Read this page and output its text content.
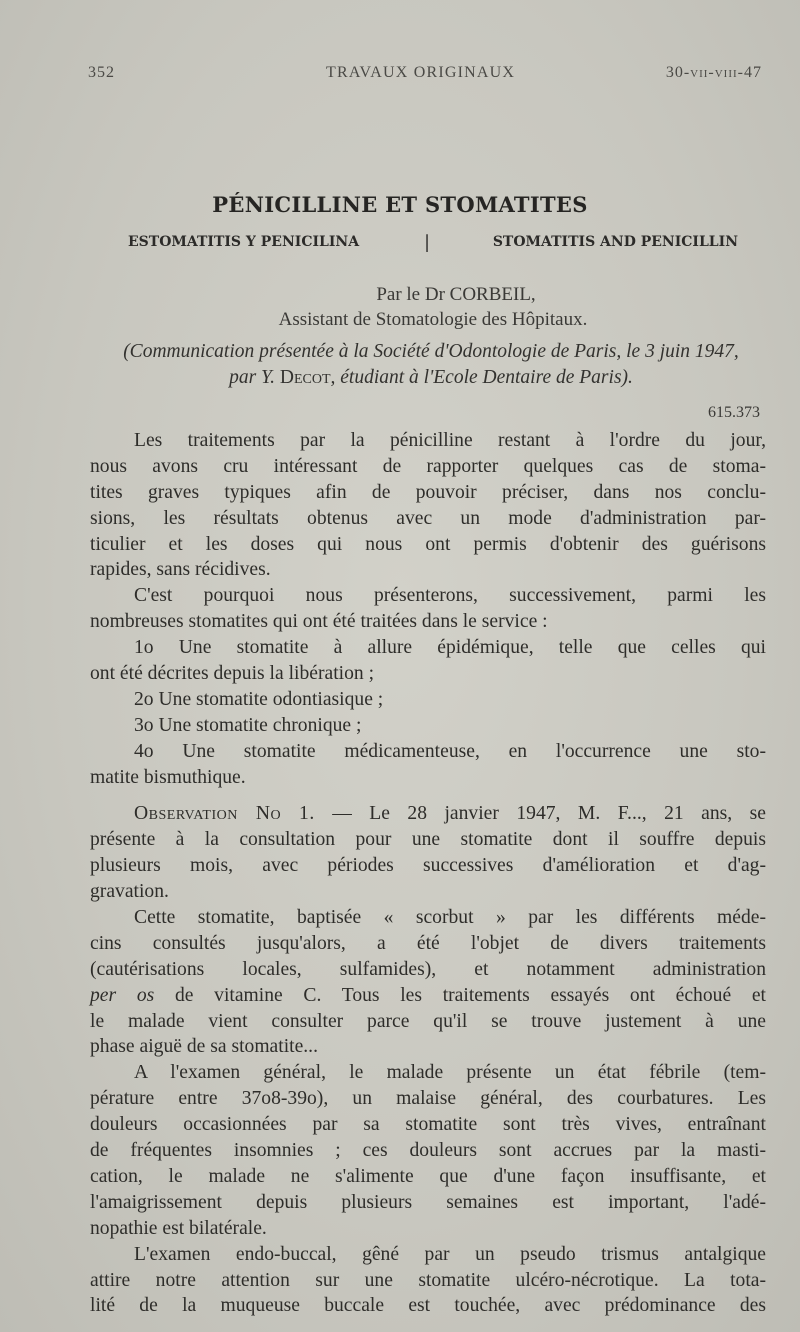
352	TRAVAUX ORIGINAUX	30-vii-viii-47
PÉNICILLINE ET STOMATITES
ESTOMATITIS Y PENICILINA	|	STOMATITIS AND PENICILLIN
Par le Dr CORBEIL,
Assistant de Stomatologie des Hôpitaux.
(Communication présentée à la Société d'Odontologie de Paris, le 3 juin 1947,
par Y. Decot, étudiant à l'Ecole Dentaire de Paris).
615.373
Les traitements par la pénicilline restant à l'ordre du jour,
nous avons cru intéressant de rapporter quelques cas de stoma-
tites graves typiques afin de pouvoir préciser, dans nos conclu-
sions, les résultats obtenus avec un mode d'administration par-
ticulier et les doses qui nous ont permis d'obtenir des guérisons
rapides, sans récidives.
C'est pourquoi nous présenterons, successivement, parmi les
nombreuses stomatites qui ont été traitées dans le service :
1o Une stomatite à allure épidémique, telle que celles qui
ont été décrites depuis la libération ;
2o Une stomatite odontiasique ;
3o Une stomatite chronique ;
4o Une stomatite médicamenteuse, en l'occurrence une sto-
matite bismuthique.
Observation No 1. — Le 28 janvier 1947, M. F..., 21 ans, se
présente à la consultation pour une stomatite dont il souffre depuis
plusieurs mois, avec périodes successives d'amélioration et d'ag-
gravation.
Cette stomatite, baptisée « scorbut » par les différents méde-
cins consultés jusqu'alors, a été l'objet de divers traitements
(cautérisations locales, sulfamides), et notamment administration
per os de vitamine C. Tous les traitements essayés ont échoué et
le malade vient consulter parce qu'il se trouve justement à une
phase aiguë de sa stomatite...
A l'examen général, le malade présente un état fébrile (tem-
pérature entre 37o8-39o), un malaise général, des courbatures. Les
douleurs occasionnées par sa stomatite sont très vives, entraînant
de fréquentes insomnies ; ces douleurs sont accrues par la masti-
cation, le malade ne s'alimente que d'une façon insuffisante, et
l'amaigrissement depuis plusieurs semaines est important, l'adé-
nopathie est bilatérale.
L'examen endo-buccal, gêné par un pseudo trismus antalgique
attire notre attention sur une stomatite ulcéro-nécrotique. La tota-
lité de la muqueuse buccale est touchée, avec prédominance des
